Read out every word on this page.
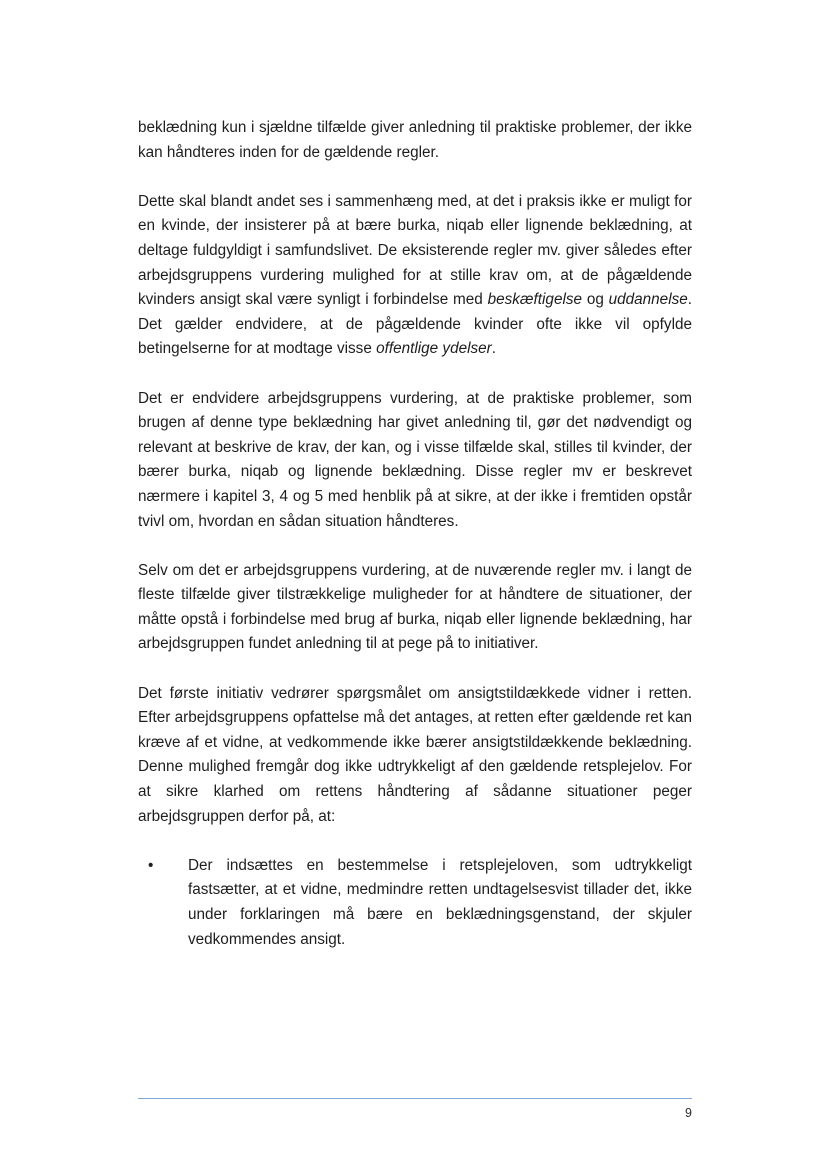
beklædning kun i sjældne tilfælde giver anledning til praktiske problemer, der ikke kan håndteres inden for de gældende regler.

Dette skal blandt andet ses i sammenhæng med, at det i praksis ikke er muligt for en kvinde, der insisterer på at bære burka, niqab eller lignende beklædning, at deltage fuldgyldigt i samfundslivet. De eksisterende regler mv. giver således efter arbejdsgruppens vurdering mulighed for at stille krav om, at de pågældende kvinders ansigt skal være synligt i forbindelse med beskæftigelse og uddannelse. Det gælder endvidere, at de pågældende kvinder ofte ikke vil opfylde betingelserne for at modtage visse offentlige ydelser.

Det er endvidere arbejdsgruppens vurdering, at de praktiske problemer, som brugen af denne type beklædning har givet anledning til, gør det nødvendigt og relevant at beskrive de krav, der kan, og i visse tilfælde skal, stilles til kvinder, der bærer burka, niqab og lignende beklædning. Disse regler mv er beskrevet nærmere i kapitel 3, 4 og 5 med henblik på at sikre, at der ikke i fremtiden opstår tvivl om, hvordan en sådan situation håndteres.

Selv om det er arbejdsgruppens vurdering, at de nuværende regler mv. i langt de fleste tilfælde giver tilstrækkelige muligheder for at håndtere de situationer, der måtte opstå i forbindelse med brug af burka, niqab eller lignende beklædning, har arbejdsgruppen fundet anledning til at pege på to initiativer.

Det første initiativ vedrører spørgsmålet om ansigtstildækkede vidner i retten. Efter arbejdsgruppens opfattelse må det antages, at retten efter gældende ret kan kræve af et vidne, at vedkommende ikke bærer ansigtstildækkende beklædning. Denne mulighed fremgår dog ikke udtrykkeligt af den gældende retsplejelov. For at sikre klarhed om rettens håndtering af sådanne situationer peger arbejdsgruppen derfor på, at:

• Der indsættes en bestemmelse i retsplejeloven, som udtrykkeligt fastsætter, at et vidne, medmindre retten undtagelsesvist tillader det, ikke under forklaringen må bære en beklædningsgenstand, der skjuler vedkommendes ansigt.
9
